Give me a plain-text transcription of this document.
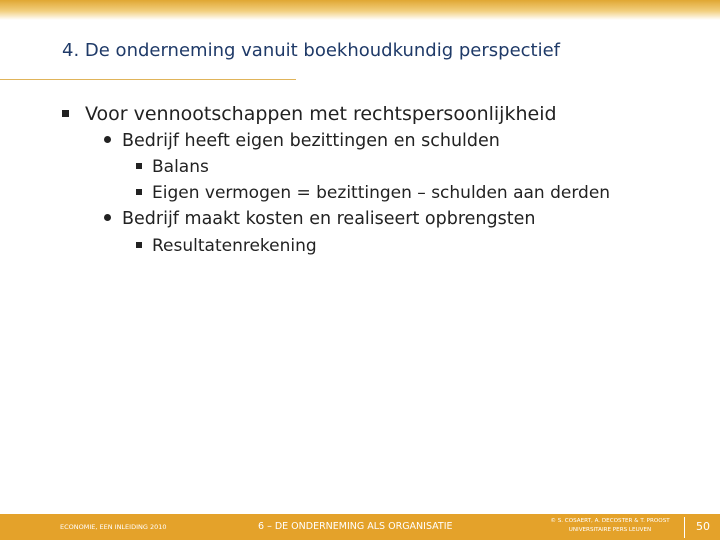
4. De onderneming vanuit boekhoudkundig perspectief
Voor vennootschappen met rechtspersoonlijkheid
Bedrijf heeft eigen bezittingen en schulden
Balans
Eigen vermogen = bezittingen – schulden aan derden
Bedrijf maakt kosten en realiseert opbrengsten
Resultatenrekening
ECONOMIE, EEN INLEIDING 2010	6 – DE ONDERNEMING ALS ORGANISATIE	© S. COSAERT, A. DECOSTER & T. PROOST
UNIVERSITAIRE PERS LEUVEN	50
